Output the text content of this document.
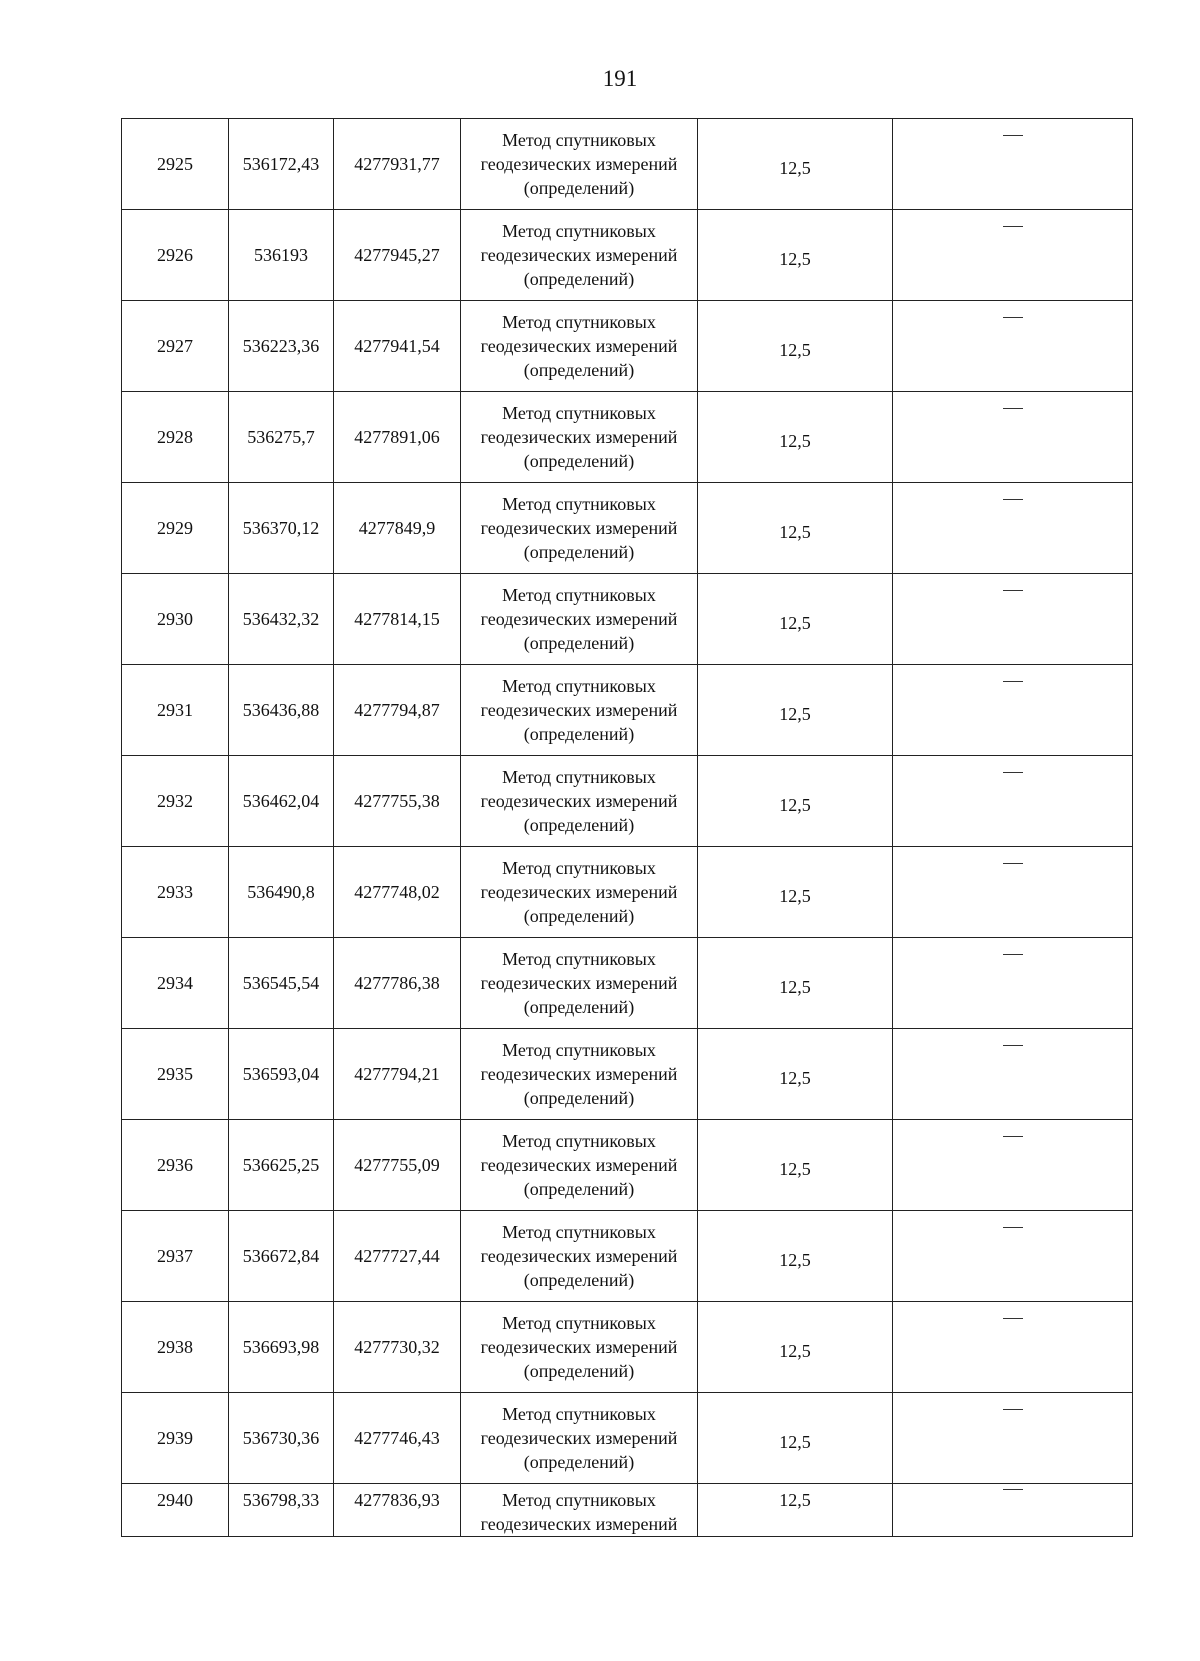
191
2925	536172,43	4277931,77	Метод спутниковых
геодезических измерений
(определений)	12,5	
2926	536193	4277945,27	Метод спутниковых
геодезических измерений
(определений)	12,5	
2927	536223,36	4277941,54	Метод спутниковых
геодезических измерений
(определений)	12,5	
2928	536275,7	4277891,06	Метод спутниковых
геодезических измерений
(определений)	12,5	
2929	536370,12	4277849,9	Метод спутниковых
геодезических измерений
(определений)	12,5	
2930	536432,32	4277814,15	Метод спутниковых
геодезических измерений
(определений)	12,5	
2931	536436,88	4277794,87	Метод спутниковых
геодезических измерений
(определений)	12,5	
2932	536462,04	4277755,38	Метод спутниковых
геодезических измерений
(определений)	12,5	
2933	536490,8	4277748,02	Метод спутниковых
геодезических измерений
(определений)	12,5	
2934	536545,54	4277786,38	Метод спутниковых
геодезических измерений
(определений)	12,5	
2935	536593,04	4277794,21	Метод спутниковых
геодезических измерений
(определений)	12,5	
2936	536625,25	4277755,09	Метод спутниковых
геодезических измерений
(определений)	12,5	
2937	536672,84	4277727,44	Метод спутниковых
геодезических измерений
(определений)	12,5	
2938	536693,98	4277730,32	Метод спутниковых
геодезических измерений
(определений)	12,5	
2939	536730,36	4277746,43	Метод спутниковых
геодезических измерений
(определений)	12,5	
2940	536798,33	4277836,93	Метод спутниковых
геодезических измерений	12,5	
